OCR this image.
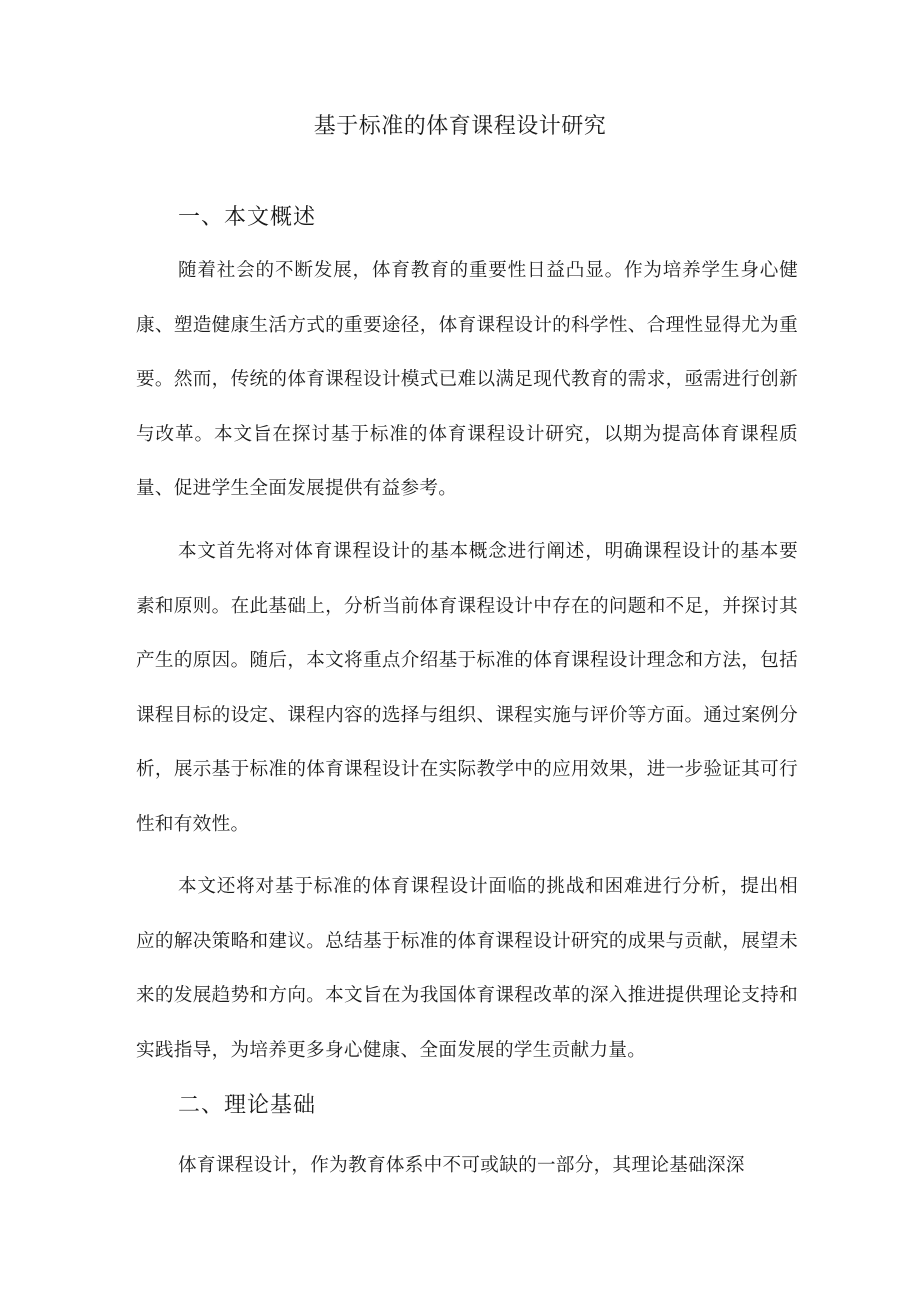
基于标准的体育课程设计研究
一、本文概述

随着社会的不断发展，体育教育的重要性日益凸显。作为培养学生身心健康、塑造健康生活方式的重要途径，体育课程设计的科学性、合理性显得尤为重要。然而，传统的体育课程设计模式已难以满足现代教育的需求，亟需进行创新与改革。本文旨在探讨基于标准的体育课程设计研究，以期为提高体育课程质量、促进学生全面发展提供有益参考。

本文首先将对体育课程设计的基本概念进行阐述，明确课程设计的基本要素和原则。在此基础上，分析当前体育课程设计中存在的问题和不足，并探讨其产生的原因。随后，本文将重点介绍基于标准的体育课程设计理念和方法，包括课程目标的设定、课程内容的选择与组织、课程实施与评价等方面。通过案例分析，展示基于标准的体育课程设计在实际教学中的应用效果，进一步验证其可行性和有效性。

本文还将对基于标准的体育课程设计面临的挑战和困难进行分析，提出相应的解决策略和建议。总结基于标准的体育课程设计研究的成果与贡献，展望未来的发展趋势和方向。本文旨在为我国体育课程改革的深入推进提供理论支持和实践指导，为培养更多身心健康、全面发展的学生贡献力量。

二、理论基础

体育课程设计，作为教育体系中不可或缺的一部分，其理论基础深深
